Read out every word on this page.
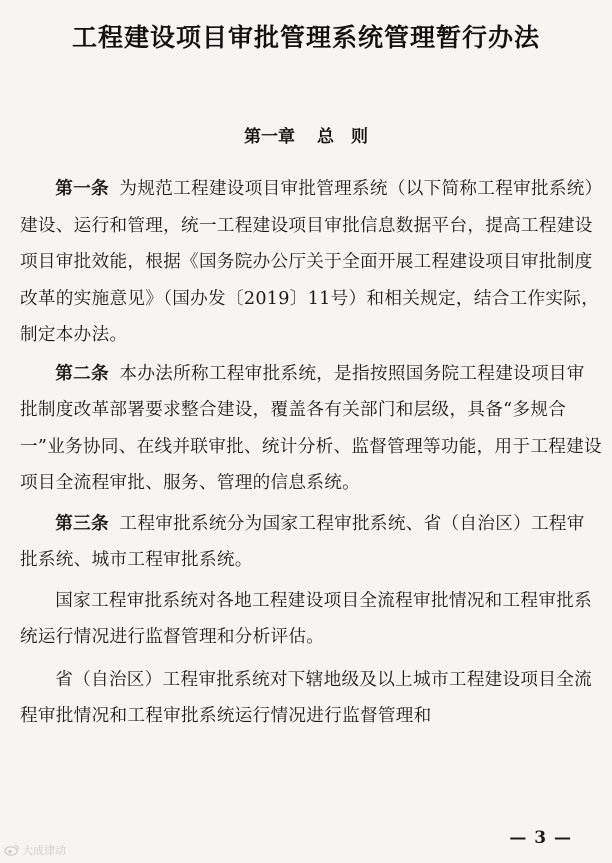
工程建设项目审批管理系统管理暂行办法
第一章 总　则

第一条 为规范工程建设项目审批管理系统（以下简称工程审批系统）建设、运行和管理，统一工程建设项目审批信息数据平台，提高工程建设项目审批效能，根据《国务院办公厅关于全面开展工程建设项目审批制度改革的实施意见》（国办发〔2019〕11号）和相关规定，结合工作实际，制定本办法。

第二条 本办法所称工程审批系统，是指按照国务院工程建设项目审批制度改革部署要求整合建设，覆盖各有关部门和层级，具备“多规合一”业务协同、在线并联审批、统计分析、监督管理等功能，用于工程建设项目全流程审批、服务、管理的信息系统。

第三条 工程审批系统分为国家工程审批系统、省（自治区）工程审批系统、城市工程审批系统。

国家工程审批系统对各地工程建设项目全流程审批情况和工程审批系统运行情况进行监督管理和分析评估。

省（自治区）工程审批系统对下辖地级及以上城市工程建设项目全流程审批情况和工程审批系统运行情况进行监督管理和

— 3 —
大成律动
